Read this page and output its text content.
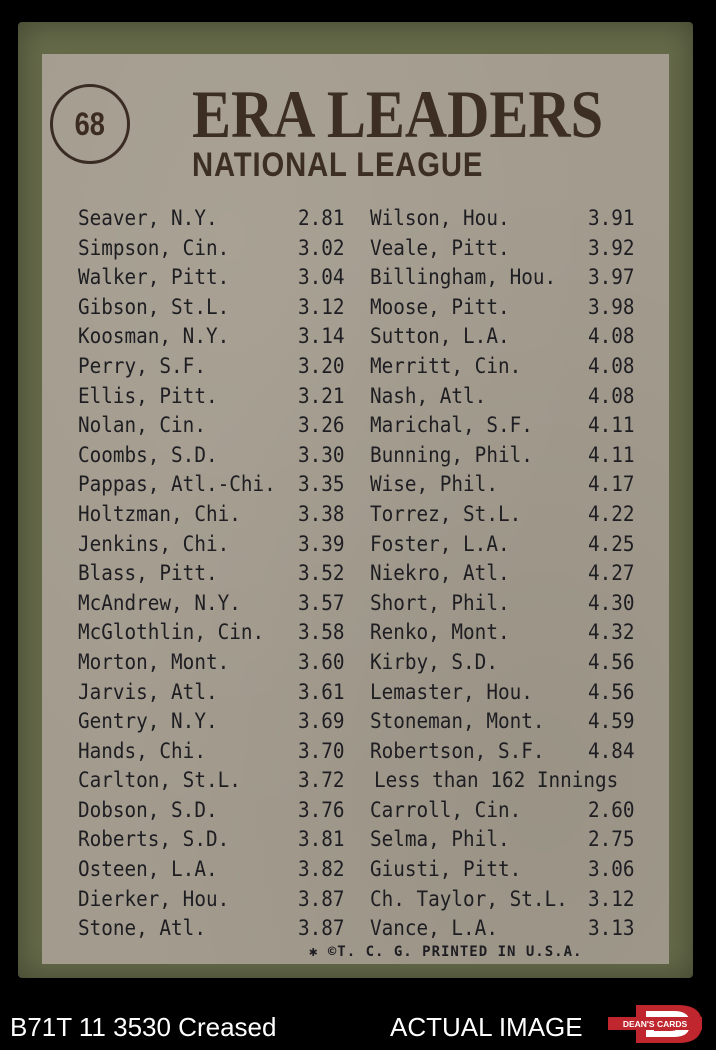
68 ERA LEADERS
NATIONAL LEAGUE
Seaver, N.Y.	2.81 Wilson, Hou.	3.91
Simpson, Cin.	3.02 Veale, Pitt.	3.92
Walker, Pitt.	3.04 Billingham, Hou. 3.97
Gibson, St.L.	3.12 Moose, Pitt.	3.98
Koosman, N.Y.	3.14 Sutton, L.A.	4.08
Perry, S.F.	3.20 Merritt, Cin.	4.08
Ellis, Pitt.	3.21 Nash, Atl.	4.08
Nolan, Cin.	3.26 Marichal, S.F.	4.11
Coombs, S.D.	3.30 Bunning, Phil.	4.11
Pappas, Atl.-Chi. 3.35 Wise, Phil.	4.17
Holtzman, Chi.	3.38 Torrez, St.L.	4.22
Jenkins, Chi.	3.39 Foster, L.A.	4.25
Blass, Pitt.	3.52 Niekro, Atl.	4.27
McAndrew, N.Y.	3.57 Short, Phil.	4.30
McGlothlin, Cin. 3.58 Renko, Mont.	4.32
Morton, Mont.	3.60 Kirby, S.D.	4.56
Jarvis, Atl.	3.61 Lemaster, Hou.	4.56
Gentry, N.Y.	3.69 Stoneman, Mont. 4.59
Hands, Chi.	3.70 Robertson, S.F. 4.84
Carlton, St.L.	3.72 Less than 162 Innings
Dobson, S.D.	3.76 Carroll, Cin.	2.60
Roberts, S.D.	3.81 Selma, Phil.	2.75
Osteen, L.A.	3.82 Giusti, Pitt.	3.06
Dierker, Hou.	3.87 Ch. Taylor, St.L. 3.12
Stone, Atl.	3.87 Vance, L.A.	3.13
✱ ©T. C. G. PRINTED IN U.S.A.
B71T 11 3530 Creased	ACTUAL IMAGE	DEAN'S CARDS
